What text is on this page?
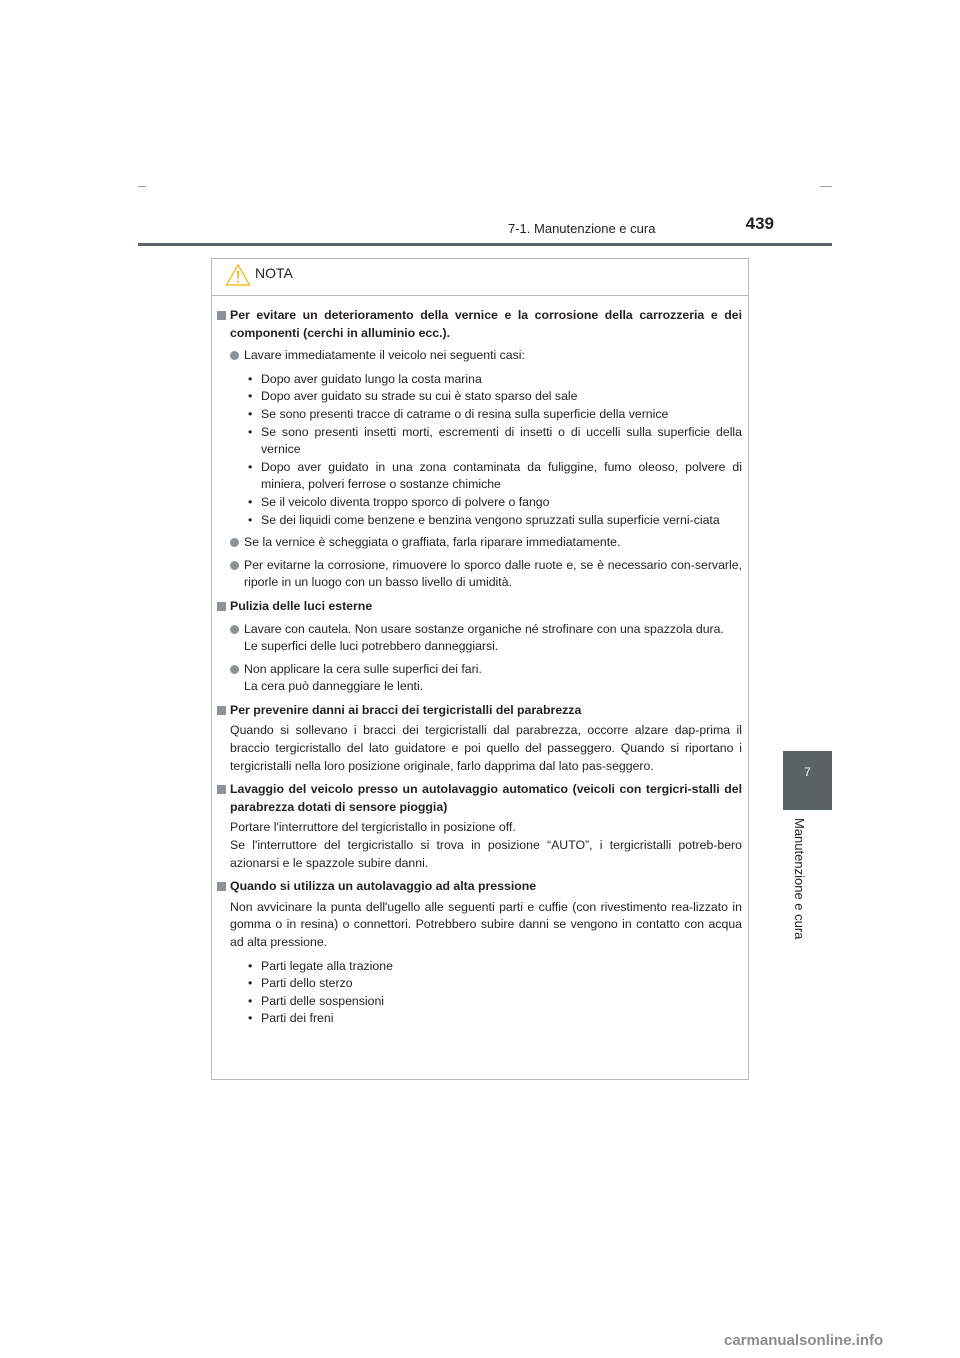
439
7-1. Manutenzione e cura
7
Manutenzione e cura
NOTA
Per evitare un deterioramento della vernice e la corrosione della carrozzeria e dei componenti (cerchi in alluminio ecc.).
Lavare immediatamente il veicolo nei seguenti casi:
• Dopo aver guidato lungo la costa marina
• Dopo aver guidato su strade su cui è stato sparso del sale
• Se sono presenti tracce di catrame o di resina sulla superficie della vernice
• Se sono presenti insetti morti, escrementi di insetti o di uccelli sulla superficie della vernice
• Dopo aver guidato in una zona contaminata da fuliggine, fumo oleoso, polvere di miniera, polveri ferrose o sostanze chimiche
• Se il veicolo diventa troppo sporco di polvere o fango
• Se dei liquidi come benzene e benzina vengono spruzzati sulla superficie verni-ciata
Se la vernice è scheggiata o graffiata, farla riparare immediatamente.
Per evitarne la corrosione, rimuovere lo sporco dalle ruote e, se è necessario con-servarle, riporle in un luogo con un basso livello di umidità.
Pulizia delle luci esterne
Lavare con cautela. Non usare sostanze organiche né strofinare con una spazzola dura.
Le superfici delle luci potrebbero danneggiarsi.
Non applicare la cera sulle superfici dei fari.
La cera può danneggiare le lenti.
Per prevenire danni ai bracci dei tergicristalli del parabrezza
Quando si sollevano i bracci dei tergicristalli dal parabrezza, occorre alzare dap-prima il braccio tergicristallo del lato guidatore e poi quello del passeggero. Quando si riportano i tergicristalli nella loro posizione originale, farlo dapprima dal lato pas-seggero.
Lavaggio del veicolo presso un autolavaggio automatico (veicoli con tergicri-stalli del parabrezza dotati di sensore pioggia)
Portare l'interruttore del tergicristallo in posizione off.
Se l'interruttore del tergicristallo si trova in posizione “AUTO”, i tergicristalli potreb-bero azionarsi e le spazzole subire danni.
Quando si utilizza un autolavaggio ad alta pressione
Non avvicinare la punta dell'ugello alle seguenti parti e cuffie (con rivestimento rea-lizzato in gomma o in resina) o connettori. Potrebbero subire danni se vengono in contatto con acqua ad alta pressione.
• Parti legate alla trazione
• Parti dello sterzo
• Parti delle sospensioni
• Parti dei freni
carmanualsonline.info
